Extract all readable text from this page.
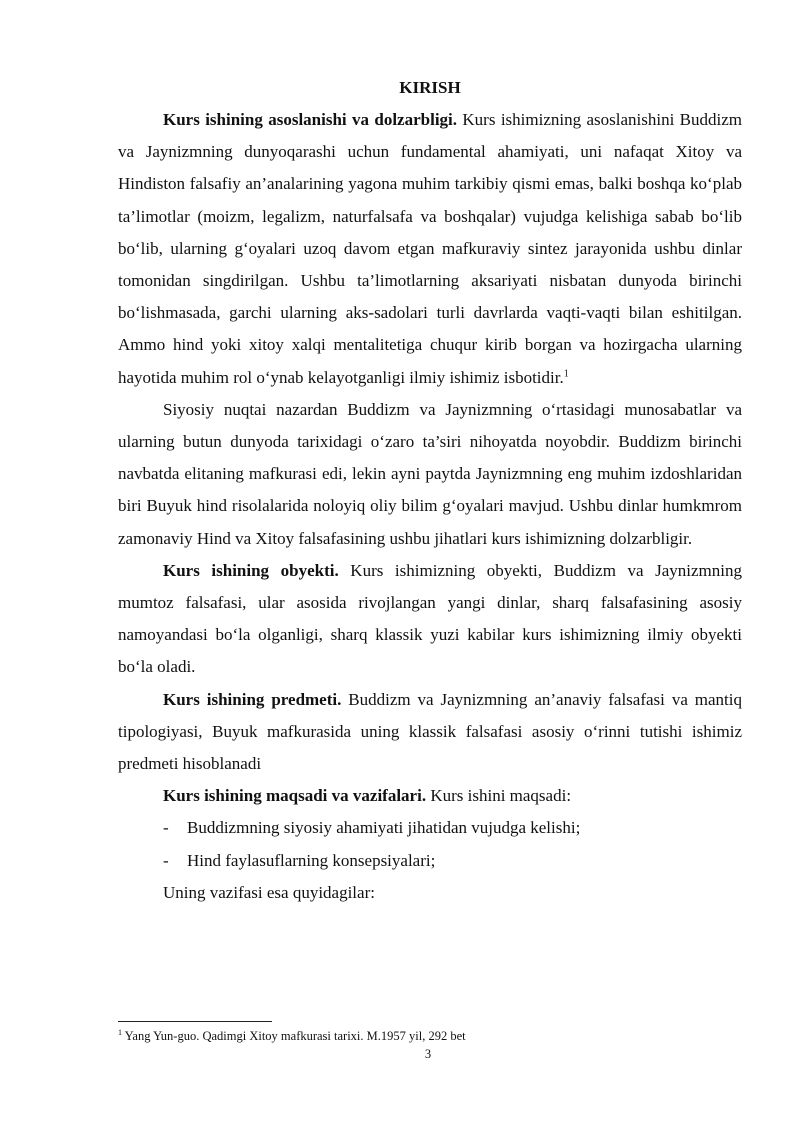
KIRISH

Kurs ishining asoslanishi va dolzarbligi. Kurs ishimizning asoslanishini Buddizm va Jaynizmning dunyoqarashi uchun fundamental ahamiyati, uni nafaqat Xitoy va Hindiston falsafiy an’analarining yagona muhim tarkibiy qismi emas, balki boshqa ko‘plab ta’limotlar (moizm, legalizm, naturfalsafa va boshqalar) vujudga kelishiga sabab bo‘lib bo‘lib, ularning g‘oyalari uzoq davom etgan mafkuraviy sintez jarayonida ushbu dinlar tomonidan singdirilgan. Ushbu ta’limotlarning aksariyati nisbatan dunyoda birinchi bo‘lishmasada, garchi ularning aks-sadolari turli davrlarda vaqti-vaqti bilan eshitilgan. Ammo hind yoki xitoy xalqi mentalitetiga chuqur kirib borgan va hozirgacha ularning hayotida muhim rol o‘ynab kelayotganligi ilmiy ishimiz isbotidir.$^1$

Siyosiy nuqtai nazardan Buddizm va Jaynizmning o‘rtasidagi munosabatlar va ularning butun dunyoda tarixidagi o‘zaro ta’siri nihoyatda noyobdir. Buddizm birinchi navbatda elitaning mafkurasi edi, lekin ayni paytda Jaynizmning eng muhim izdoshlaridan biri Buyuk hind risolalarida noloyiq oliy bilim g‘oyalari mavjud. Ushbu dinlar humkmrom zamonaviy Hind va Xitoy falsafasining ushbu jihatlari kurs ishimizning dolzarbligir.

Kurs ishining obyekti. Kurs ishimizning obyekti, Buddizm va Jaynizmning mumtoz falsafasi, ular asosida rivojlangan yangi dinlar, sharq falsafasining asosiy namoyandasi bo‘la olganligi, sharq klassik yuzi kabilar kurs ishimizning ilmiy obyekti bo‘la oladi.

Kurs ishining predmeti. Buddizm va Jaynizmning an’anaviy falsafasi va mantiq tipologiyasi, Buyuk mafkurasida uning klassik falsafasi asosiy o‘rinni tutishi ishimiz predmeti hisoblanadi

Kurs ishining maqsadi va vazifalari. Kurs ishini maqsadi:

-	Buddizmning siyosiy ahamiyati jihatidan vujudga kelishi;
-	Hind faylasuflarning konsepsiyalari;

Uning vazifasi esa quyidagilar:

$^1$ Yang Yun-guo. Qadimgi Xitoy mafkurasi tarixi. M.1957 yil, 292 bet
3
